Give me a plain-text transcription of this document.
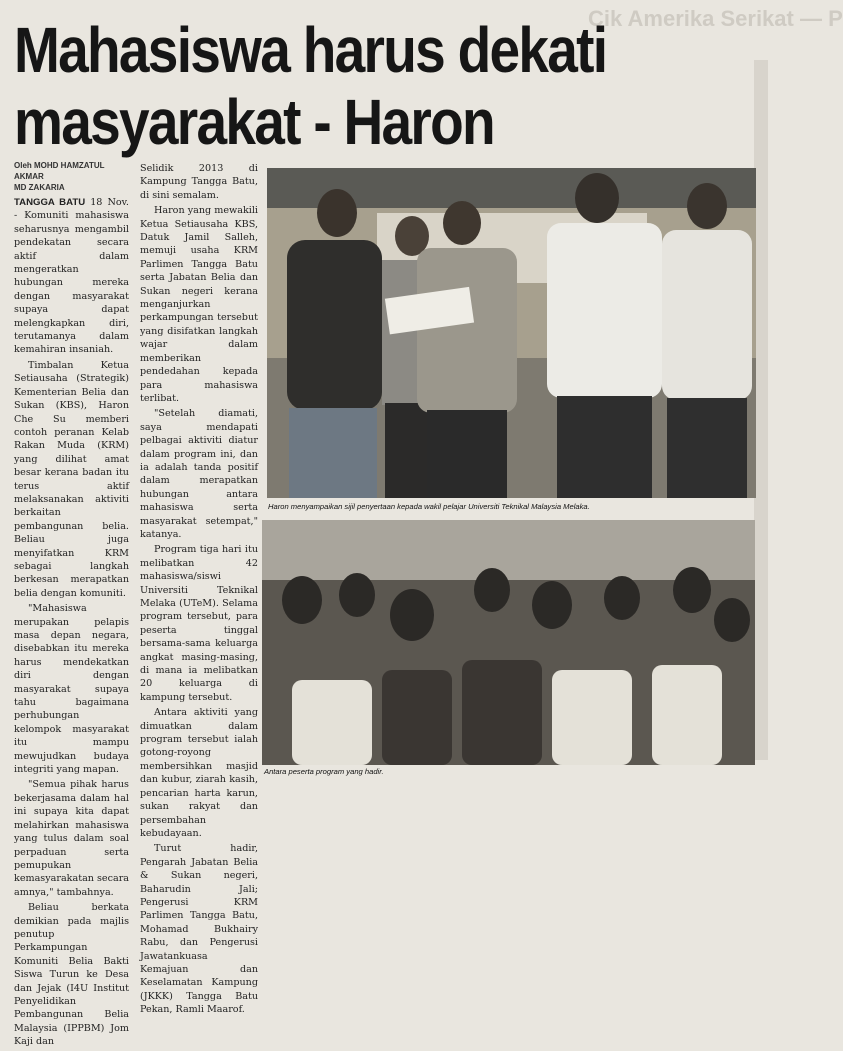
Cik Amerika Serikat — P
Mahasiswa harus dekati
masyarakat - Haron
Oleh MOHD HAMZATUL AKMAR
MD ZAKARIA

TANGGA BATU 18 Nov. - Komuniti mahasiswa seharusnya mengambil pendekatan secara aktif dalam mengeratkan hubungan mereka dengan masyarakat supaya dapat melengkapkan diri, terutamanya dalam kemahiran insaniah.

Timbalan Ketua Setiausaha (Strategik) Kementerian Belia dan Sukan (KBS), Haron Che Su memberi contoh peranan Kelab Rakan Muda (KRM) yang dilihat amat besar kerana badan itu terus aktif melaksanakan aktiviti berkaitan pembangunan belia. Beliau juga menyifatkan KRM sebagai langkah berkesan merapatkan belia dengan komuniti.

"Mahasiswa merupakan pelapis masa depan negara, disebabkan itu mereka harus mendekatkan diri dengan masyarakat supaya tahu bagaimana perhubungan kelompok masyarakat itu mampu mewujudkan budaya integriti yang mapan.

"Semua pihak harus bekerjasama dalam hal ini supaya kita dapat melahirkan mahasiswa yang tulus dalam soal perpaduan serta pemupukan kemasyarakatan secara amnya," tambahnya.

Beliau berkata demikian pada majlis penutup Perkampungan Komuniti Belia Bakti Siswa Turun ke Desa dan Jejak (I4U Institut Penyelidikan Pembangunan Belia Malaysia (IPPBM) Jom Kaji dan

Selidik 2013 di Kampung Tangga Batu, di sini semalam.

Haron yang mewakili Ketua Setiausaha KBS, Datuk Jamil Salleh, memuji usaha KRM Parlimen Tangga Batu serta Jabatan Belia dan Sukan negeri kerana menganjurkan perkampungan tersebut yang disifatkan langkah wajar dalam memberikan pendedahan kepada para mahasiswa terlibat.

"Setelah diamati, saya mendapati pelbagai aktiviti diatur dalam program ini, dan ia adalah tanda positif dalam merapatkan hubungan antara mahasiswa serta masyarakat setempat," katanya.

Program tiga hari itu melibatkan 42 mahasiswa/siswi Universiti Teknikal Melaka (UTeM). Selama program tersebut, para peserta tinggal bersama-sama keluarga angkat masing-masing, di mana ia melibatkan 20 keluarga di kampung tersebut.

Antara aktiviti yang dimuatkan dalam program tersebut ialah gotong-royong membersihkan masjid dan kubur, ziarah kasih, pencarian harta karun, sukan rakyat dan persembahan kebudayaan.

Turut hadir, Pengarah Jabatan Belia & Sukan negeri, Baharudin Jali; Pengerusi KRM Parlimen Tangga Batu, Mohamad Bukhairy Rabu, dan Pengerusi Jawatankuasa Kemajuan dan Keselamatan Kampung (JKKK) Tangga Batu Pekan, Ramli Maarof.

Haron menyampaikan sijil penyertaan kepada wakil pelajar Universiti Teknikal Malaysia Melaka.
Antara peserta program yang hadir.
